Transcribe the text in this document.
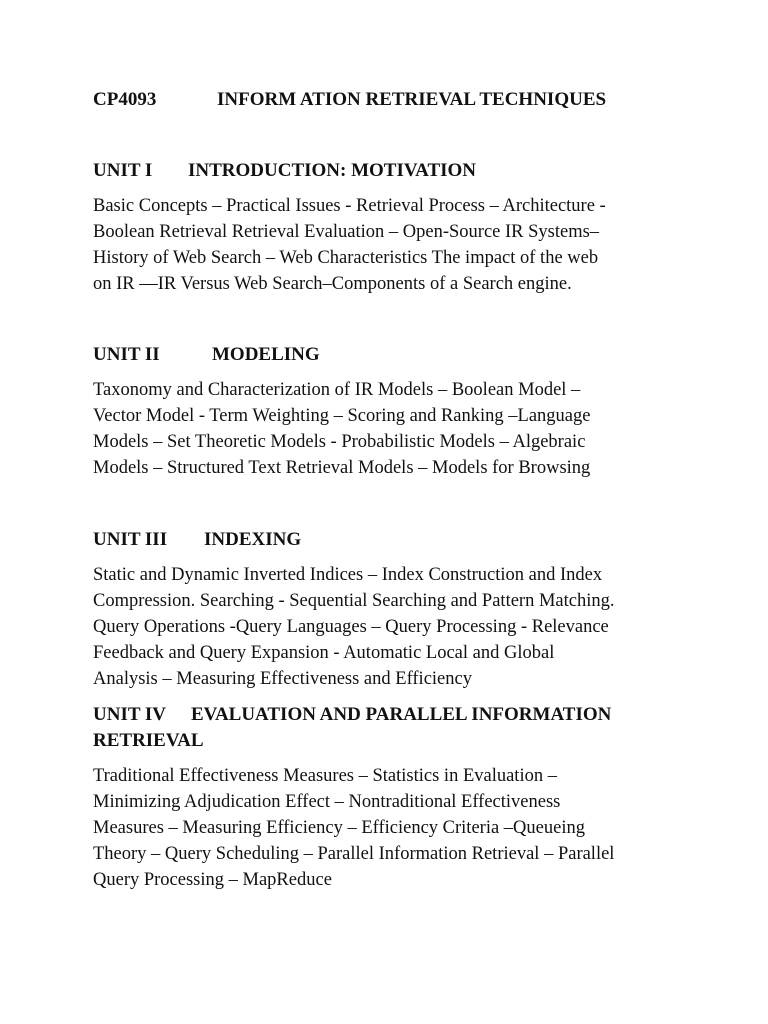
CP4093	INFORM ATION RETRIEVAL TECHNIQUES
UNIT I INTRODUCTION: MOTIVATION
Basic Concepts – Practical Issues - Retrieval Process – Architecture -
Boolean Retrieval Retrieval Evaluation – Open-Source IR Systems–
History of Web Search – Web Characteristics The impact of the web
on IR —IR Versus Web Search–Components of a Search engine.
UNIT II	MODELING
Taxonomy and Characterization of IR Models – Boolean Model –
Vector Model - Term Weighting – Scoring and Ranking –Language
Models – Set Theoretic Models - Probabilistic Models – Algebraic
Models – Structured Text Retrieval Models – Models for Browsing
UNIT III INDEXING
Static and Dynamic Inverted Indices – Index Construction and Index
Compression. Searching - Sequential Searching and Pattern Matching.
Query Operations -Query Languages – Query Processing - Relevance
Feedback and Query Expansion - Automatic Local and Global
Analysis – Measuring Effectiveness and Efficiency
UNIT IV EVALUATION AND PARALLEL INFORMATION
RETRIEVAL
Traditional Effectiveness Measures – Statistics in Evaluation –
Minimizing Adjudication Effect – Nontraditional Effectiveness
Measures – Measuring Efficiency – Efficiency Criteria –Queueing
Theory – Query Scheduling – Parallel Information Retrieval – Parallel
Query Processing – MapReduce
